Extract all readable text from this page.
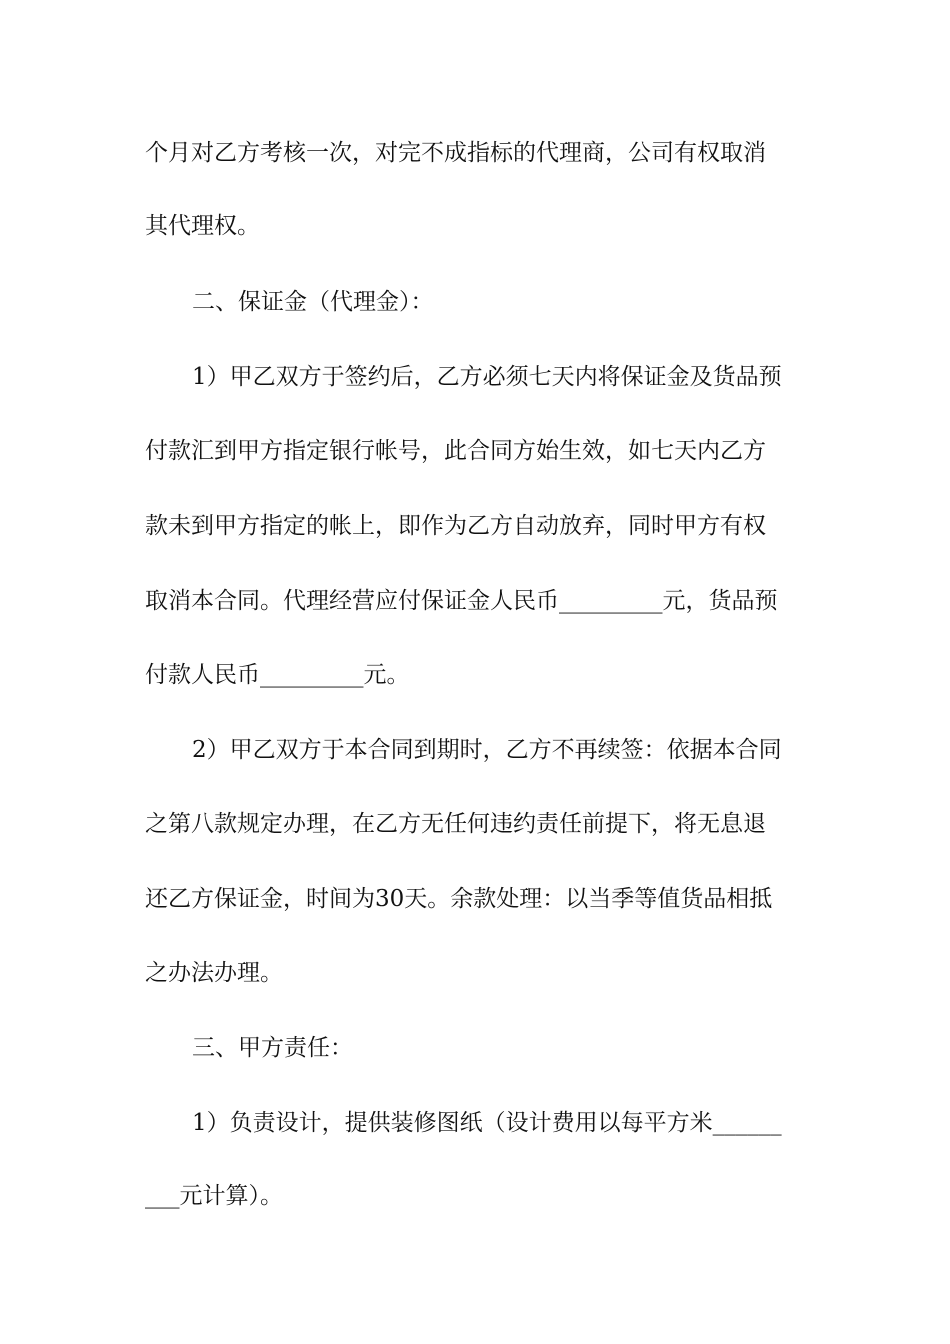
个月对乙方考核一次，对完不成指标的代理商，公司有权取消
其代理权。
二、保证金（代理金）：
1）甲乙双方于签约后，乙方必须七天内将保证金及货品预
付款汇到甲方指定银行帐号，此合同方始生效，如七天内乙方
款未到甲方指定的帐上，即作为乙方自动放弃，同时甲方有权
取消本合同。代理经营应付保证金人民币_________元，货品预
付款人民币_________元。
2）甲乙双方于本合同到期时，乙方不再续签：依据本合同
之第八款规定办理，在乙方无任何违约责任前提下，将无息退
还乙方保证金，时间为30天。余款处理：以当季等值货品相抵
之办法办理。
三、甲方责任：
1）负责设计，提供装修图纸（设计费用以每平方米______
___元计算）。
